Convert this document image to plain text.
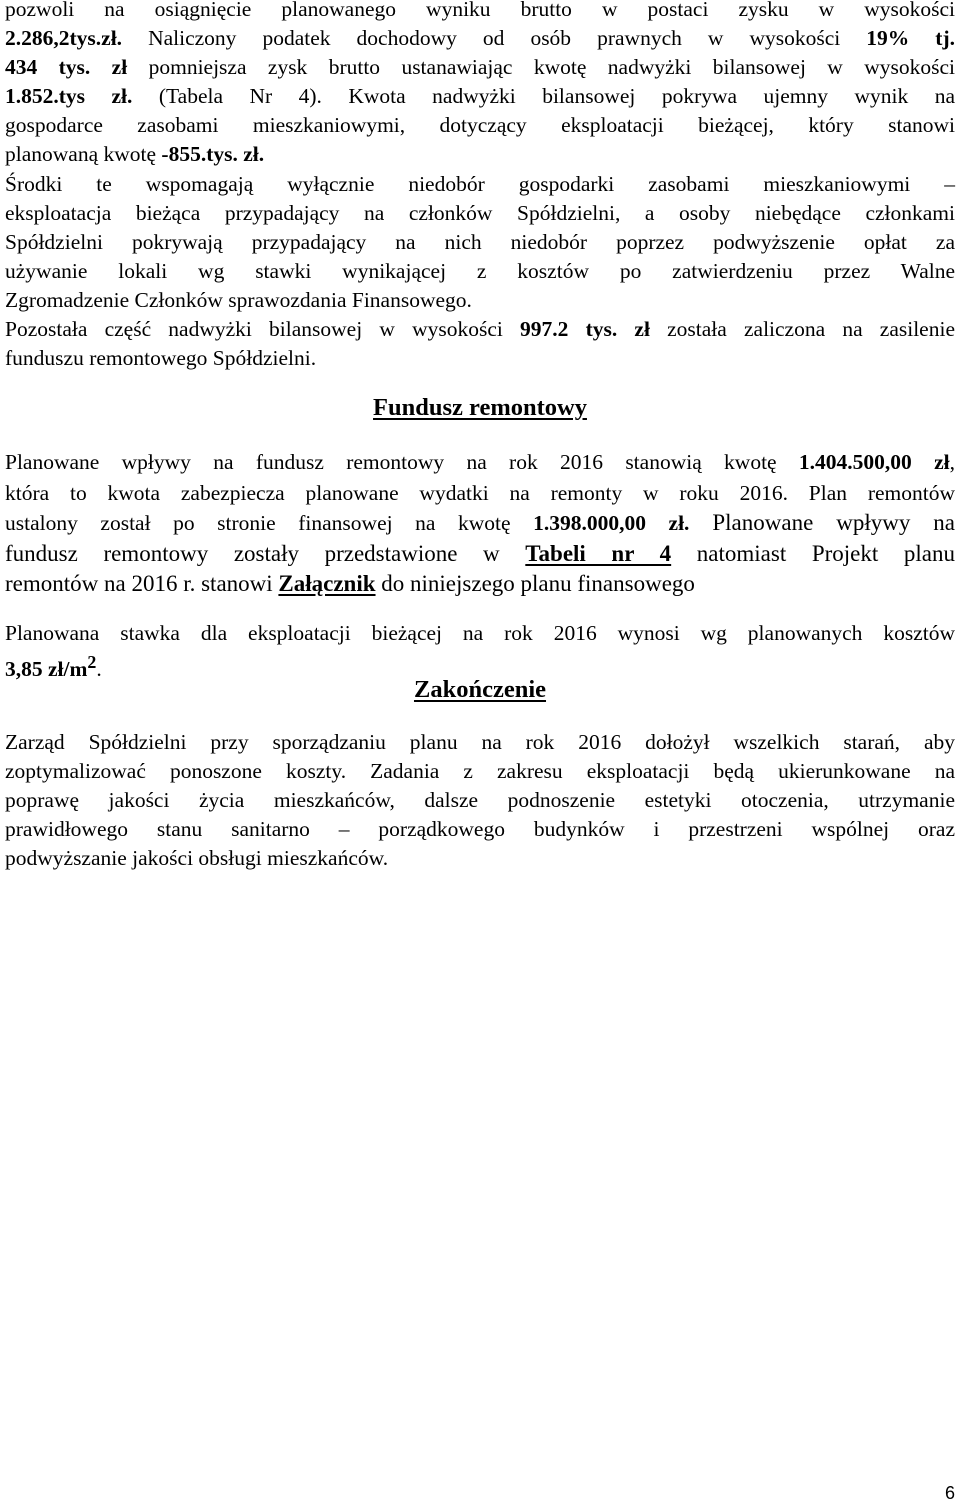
pozwoli na osiągnięcie planowanego wyniku brutto w postaci zysku w wysokości
2.286,2tys.zł. Naliczony podatek dochodowy od osób prawnych w wysokości 19% tj.
434 tys. zł pomniejsza zysk brutto ustanawiając kwotę nadwyżki bilansowej w wysokości
1.852.tys zł. (Tabela Nr 4). Kwota nadwyżki bilansowej pokrywa ujemny wynik na
gospodarce zasobami mieszkaniowymi, dotyczący eksploatacji bieżącej, który stanowi
planowaną kwotę -855.tys. zł.
Środki te wspomagają wyłącznie niedobór gospodarki zasobami mieszkaniowymi –
eksploatacja bieżąca przypadający na członków Spółdzielni, a osoby niebędące członkami
Spółdzielni pokrywają przypadający na nich niedobór poprzez podwyższenie opłat za
używanie lokali wg stawki wynikającej z kosztów po zatwierdzeniu przez Walne
Zgromadzenie Członków sprawozdania Finansowego.
Pozostała część nadwyżki bilansowej w wysokości 997.2 tys. zł została zaliczona na zasilenie
funduszu remontowego Spółdzielni.
Fundusz remontowy
Planowane wpływy na fundusz remontowy na rok 2016 stanowią kwotę 1.404.500,00 zł,
która to kwota zabezpiecza planowane wydatki na remonty w roku 2016. Plan remontów
ustalony został po stronie finansowej na kwotę 1.398.000,00 zł. Planowane wpływy na
fundusz remontowy zostały przedstawione w Tabeli nr 4 natomiast Projekt planu
remontów na 2016 r. stanowi Załącznik do niniejszego planu finansowego
Planowana stawka dla eksploatacji bieżącej na rok 2016 wynosi wg planowanych kosztów
3,85 $zł/m^2$.
Zakończenie
Zarząd Spółdzielni przy sporządzaniu planu na rok 2016 dołożył wszelkich starań, aby
zoptymalizować ponoszone koszty. Zadania z zakresu eksploatacji będą ukierunkowane na
poprawę jakości życia mieszkańców, dalsze podnoszenie estetyki otoczenia, utrzymanie
prawidłowego stanu sanitarno – porządkowego budynków i przestrzeni wspólnej oraz
podwyższanie jakości obsługi mieszkańców.
6
